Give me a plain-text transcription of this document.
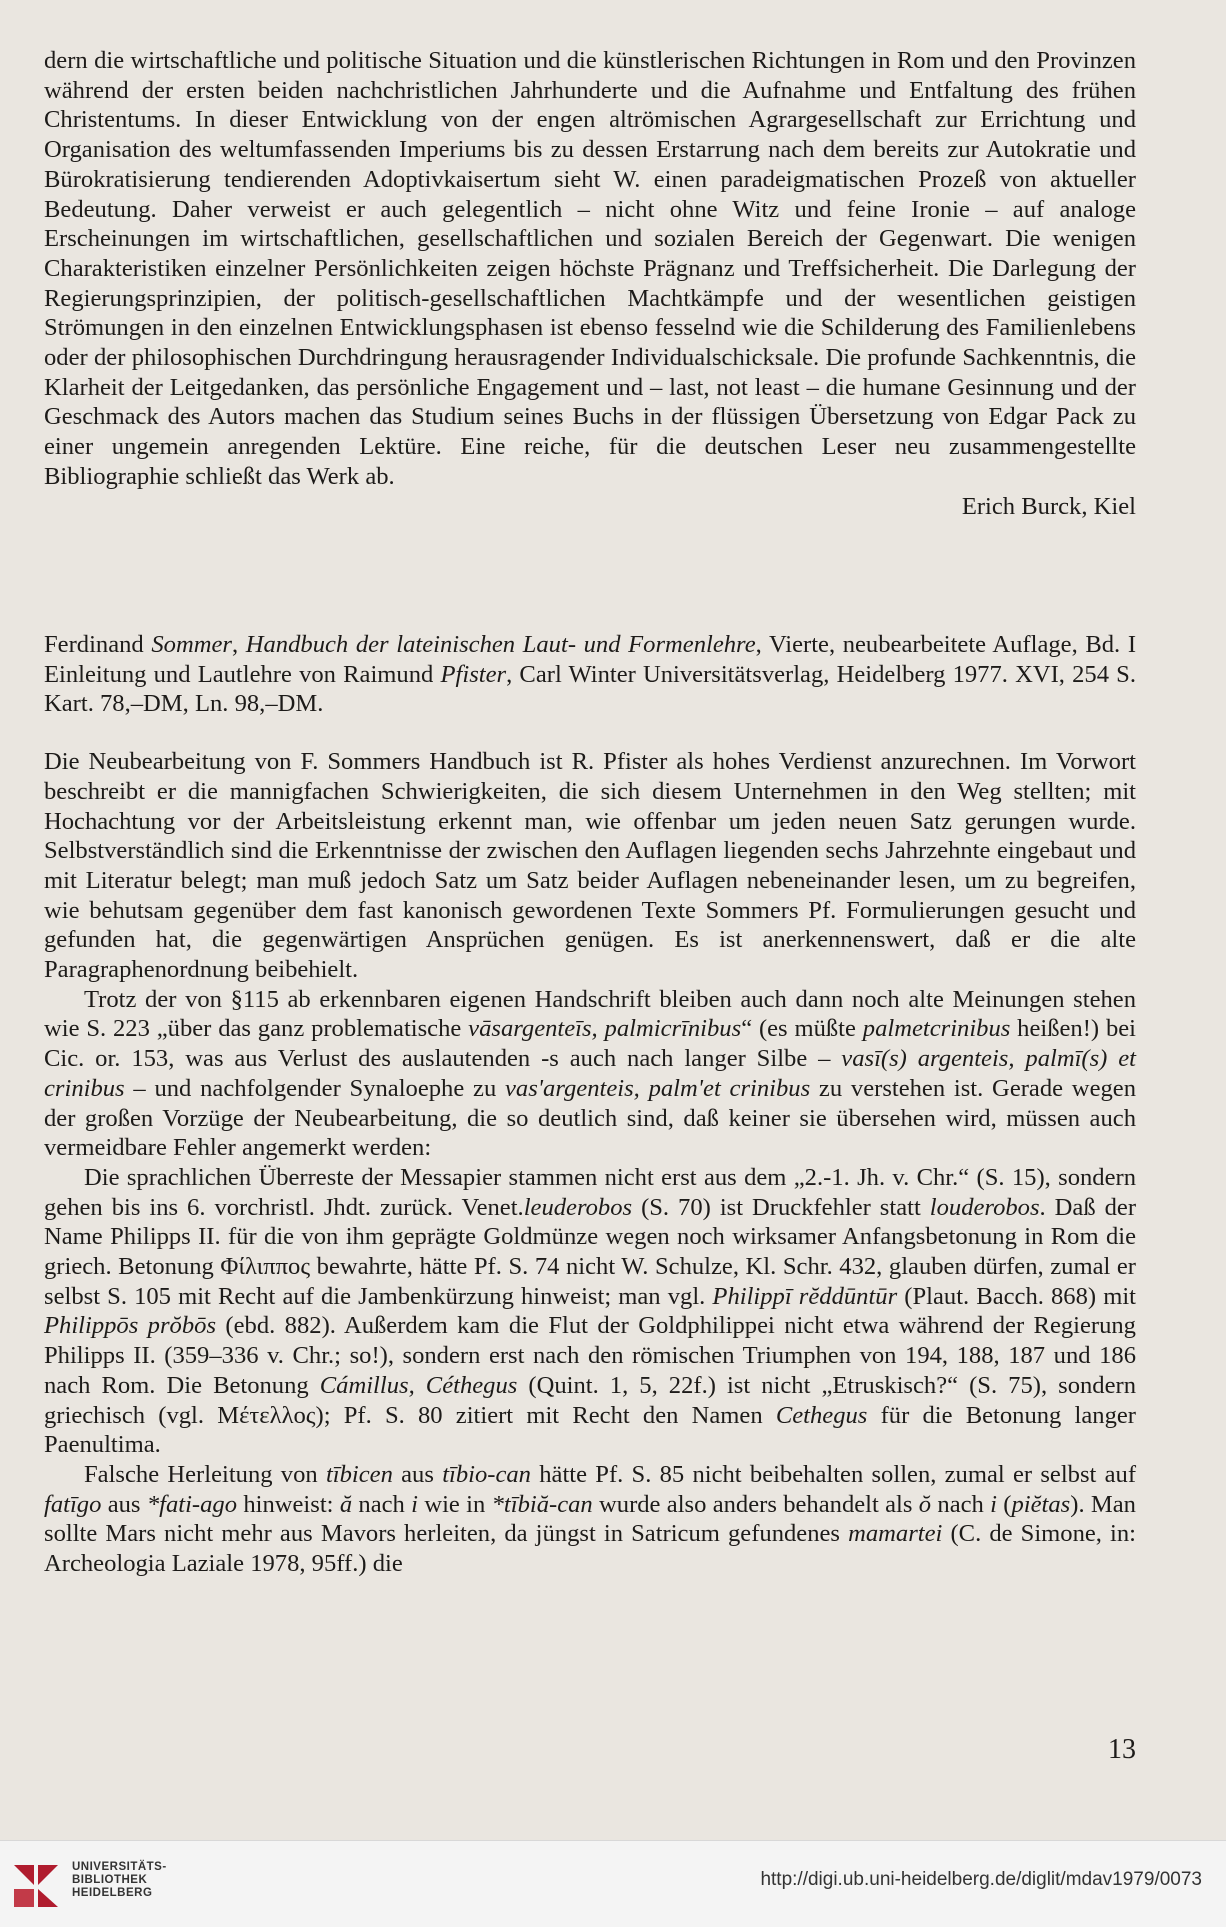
dern die wirtschaftliche und politische Situation und die künstlerischen Richtungen in Rom und den Provinzen während der ersten beiden nachchristlichen Jahrhunderte und die Aufnahme und Entfaltung des frühen Christentums. In dieser Entwicklung von der engen altrömischen Agrargesellschaft zur Errichtung und Organisation des weltumfassenden Imperiums bis zu dessen Erstarrung nach dem bereits zur Autokratie und Bürokratisierung tendierenden Adoptivkaisertum sieht W. einen paradeigmatischen Prozeß von aktueller Bedeutung. Daher verweist er auch gelegentlich – nicht ohne Witz und feine Ironie – auf analoge Erscheinungen im wirtschaftlichen, gesellschaftlichen und sozialen Bereich der Gegenwart. Die wenigen Charakteristiken einzelner Persönlichkeiten zeigen höchste Prägnanz und Treffsicherheit. Die Darlegung der Regierungsprinzipien, der politisch-gesellschaftlichen Machtkämpfe und der wesentlichen geistigen Strömungen in den einzelnen Entwicklungsphasen ist ebenso fesselnd wie die Schilderung des Familienlebens oder der philosophischen Durchdringung herausragender Individualschicksale. Die profunde Sachkenntnis, die Klarheit der Leitgedanken, das persönliche Engagement und – last, not least – die humane Gesinnung und der Geschmack des Autors machen das Studium seines Buchs in der flüssigen Übersetzung von Edgar Pack zu einer ungemein anregenden Lektüre. Eine reiche, für die deutschen Leser neu zusammengestellte Bibliographie schließt das Werk ab.

Erich Burck, Kiel

Ferdinand Sommer, Handbuch der lateinischen Laut- und Formenlehre, Vierte, neubearbeitete Auflage, Bd. I Einleitung und Lautlehre von Raimund Pfister, Carl Winter Universitätsverlag, Heidelberg 1977. XVI, 254 S. Kart. 78,–DM, Ln. 98,–DM.

Die Neubearbeitung von F. Sommers Handbuch ist R. Pfister als hohes Verdienst anzurechnen. Im Vorwort beschreibt er die mannigfachen Schwierigkeiten, die sich diesem Unternehmen in den Weg stellten; mit Hochachtung vor der Arbeitsleistung erkennt man, wie offenbar um jeden neuen Satz gerungen wurde. Selbstverständlich sind die Erkenntnisse der zwischen den Auflagen liegenden sechs Jahrzehnte eingebaut und mit Literatur belegt; man muß jedoch Satz um Satz beider Auflagen nebeneinander lesen, um zu begreifen, wie behutsam gegenüber dem fast kanonisch gewordenen Texte Sommers Pf. Formulierungen gesucht und gefunden hat, die gegenwärtigen Ansprüchen genügen. Es ist anerkennenswert, daß er die alte Paragraphenordnung beibehielt.

Trotz der von §115 ab erkennbaren eigenen Handschrift bleiben auch dann noch alte Meinungen stehen wie S. 223 „über das ganz problematische vāsargenteīs, palmicrīnibus“ (es müßte palmetcrinibus heißen!) bei Cic. or. 153, was aus Verlust des auslautenden -s auch nach langer Silbe – vasī(s) argenteis, palmī(s) et crinibus – und nachfolgender Synaloephe zu vas'argenteis, palm'et crinibus zu verstehen ist. Gerade wegen der großen Vorzüge der Neubearbeitung, die so deutlich sind, daß keiner sie übersehen wird, müssen auch vermeidbare Fehler angemerkt werden:

Die sprachlichen Überreste der Messapier stammen nicht erst aus dem „2.-1. Jh. v. Chr.“ (S. 15), sondern gehen bis ins 6. vorchristl. Jhdt. zurück. Venet.leuderobos (S. 70) ist Druckfehler statt louderobos. Daß der Name Philipps II. für die von ihm geprägte Goldmünze wegen noch wirksamer Anfangsbetonung in Rom die griech. Betonung Φίλιππος bewahrte, hätte Pf. S. 74 nicht W. Schulze, Kl. Schr. 432, glauben dürfen, zumal er selbst S. 105 mit Recht auf die Jambenkürzung hinweist; man vgl. Philippī rĕddūntūr (Plaut. Bacch. 868) mit Philippōs prŏbōs (ebd. 882). Außerdem kam die Flut der Goldphilippei nicht etwa während der Regierung Philipps II. (359–336 v. Chr.; so!), sondern erst nach den römischen Triumphen von 194, 188, 187 und 186 nach Rom. Die Betonung Cámillus, Céthegus (Quint. 1, 5, 22f.) ist nicht „Etruskisch?“ (S. 75), sondern griechisch (vgl. Μέτελλος); Pf. S. 80 zitiert mit Recht den Namen Cethegus für die Betonung langer Paenultima.

Falsche Herleitung von tībicen aus tībio-can hätte Pf. S. 85 nicht beibehalten sollen, zumal er selbst auf fatīgo aus *fati-ago hinweist: ă nach i wie in *tībiă-can wurde also anders behandelt als ŏ nach i (piĕtas). Man sollte Mars nicht mehr aus Mavors herleiten, da jüngst in Satricum gefundenes mamartei (C. de Simone, in: Archeologia Laziale 1978, 95ff.) die

13
UNIVERSITÄTS-
BIBLIOTHEK
HEIDELBERG
http://digi.ub.uni-heidelberg.de/diglit/mdav1979/0073
